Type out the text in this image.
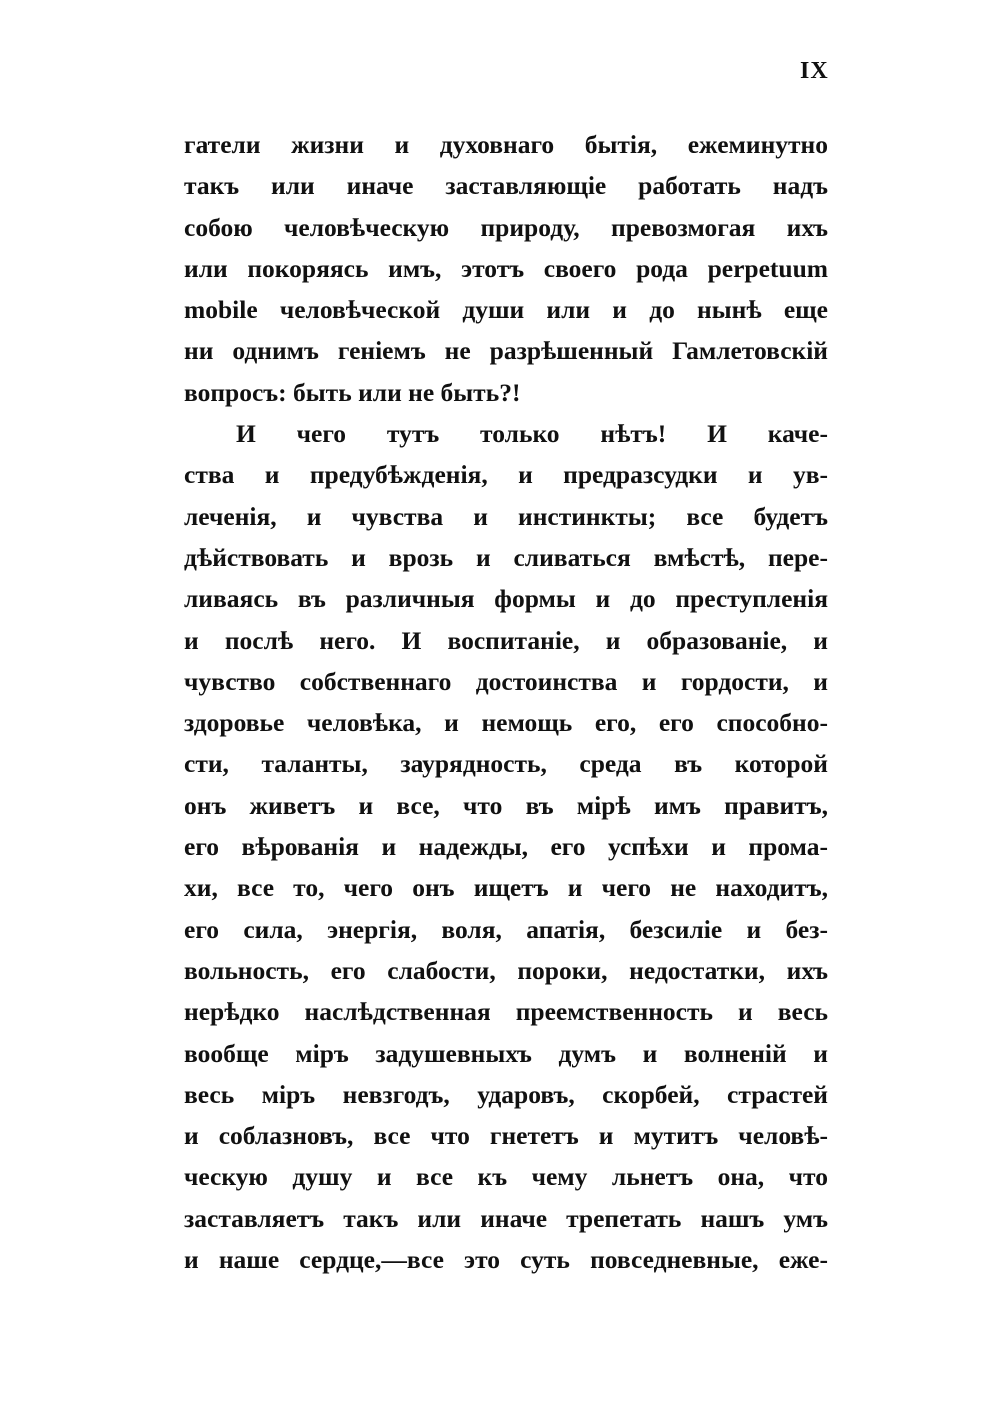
IX
гатели жизни и духовнаго бытія, ежеминутно
такъ или иначе заставляющіе работать надъ
собою человѣческую природу, превозмогая ихъ
или покоряясь имъ, этотъ своего рода perpetuum
mobile человѣческой души или и до нынѣ еще
ни однимъ геніемъ не разрѣшенный Гамлетовскій
вопросъ: быть или не быть?!
И чего тутъ только нѣтъ! И каче-
ства и предубѣжденія, и предразсудки и ув-
леченія, и чувства и инстинкты; все будетъ
дѣйствовать и врозь и сливаться вмѣстѣ, пере-
ливаясь въ различныя формы и до преступленія
и послѣ него. И воспитаніе, и образованіе, и
чувство собственнаго достоинства и гордости, и
здоровье человѣка, и немощь его, его способно-
сти, таланты, заурядность, среда въ которой
онъ живетъ и все, что въ мірѣ имъ правитъ,
его вѣрованія и надежды, его успѣхи и прома-
хи, все то, чего онъ ищетъ и чего не находитъ,
его сила, энергія, воля, апатія, безсиліе и без-
вольность, его слабости, пороки, недостатки, ихъ
нерѣдко наслѣдственная преемственность и весь
вообще міръ задушевныхъ думъ и волненій и
весь міръ невзгодъ, ударовъ, скорбей, страстей
и соблазновъ, все что гнететъ и мутитъ человѣ-
ческую душу и все къ чему льнетъ она, что
заставляетъ такъ или иначе трепетать нашъ умъ
и наше сердце,—все это суть повседневные, еже-
